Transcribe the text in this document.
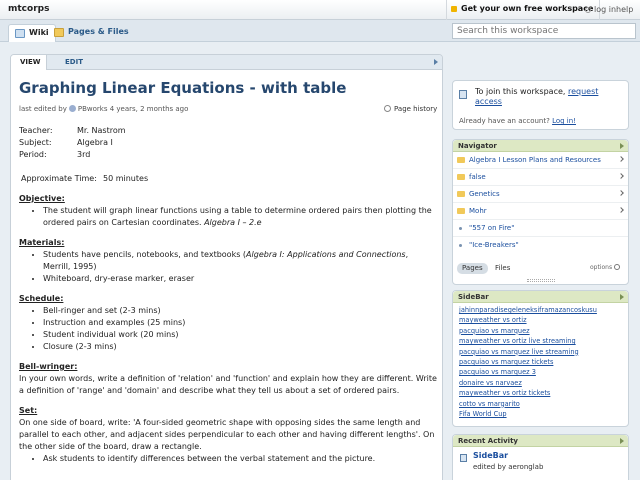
mtcorps	Get your own free workspace log in help
Wiki	Pages & Files
Search this workspace
VIEW	EDIT
Graphing Linear Equations - with table
last edited by PBworks 4 years, 2 months ago	Page history
Teacher:	Mr. Nastrom
Subject:	Algebra I
Period:	3rd
Approximate Time: 50 minutes
Objective:
• The student will graph linear functions using a table to determine ordered pairs then plotting the ordered pairs on Cartesian coordinates. Algebra I – 2.e
Materials:
• Students have pencils, notebooks, and textbooks (Algebra I: Applications and Connections, Merrill, 1995)
• Whiteboard, dry-erase marker, eraser
Schedule:
• Bell-ringer and set (2-3 mins)
• Instruction and examples (25 mins)
• Student individual work (20 mins)
• Closure (2-3 mins)
Bell-wringer:
In your own words, write a definition of 'relation' and 'function' and explain how they are different. Write a definition of 'range' and 'domain' and describe what they tell us about a set of ordered pairs.
Set:
On one side of board, write: 'A four-sided geometric shape with opposing sides the same length and parallel to each other, and adjacent sides perpendicular to each other and having different lengths'. On the other side of the board, draw a rectangle.
• Ask students to identify differences between the verbal statement and the picture.
To join this workspace, request access
Already have an account? Log in!
Navigator
Algebra I Lesson Plans and Resources
false
Genetics
Mohr
"557 on Fire"
"Ice-Breakers"
Pages	Files	options
SideBar
jahinnparadisegeleneksiframazancoskusu
mayweather vs ortiz
pacquiao vs marquez
mayweather vs ortiz live streaming
pacquiao vs marquez live streaming
pacquiao vs marquez tickets
pacquiao vs marquez 3
donaire vs narvaez
mayweather vs ortiz tickets
cotto vs margarito
Fifa World Cup
Recent Activity
SideBar
edited by aeronglab
